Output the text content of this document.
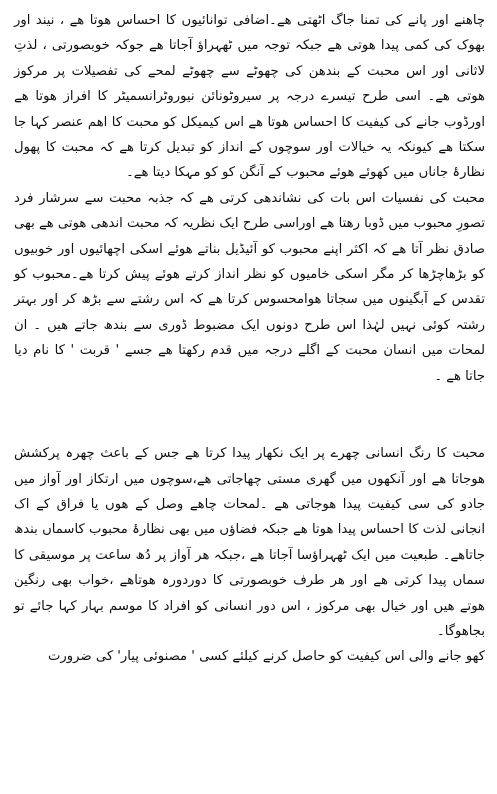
چاھنے اور پانے کی تمنا جاگ اٹھتی ھے۔اضافی توانائیوں کا احساس ھوتا ھے ، نیند اور بھوک کی کمی پیدا ھوتی ھے جبکہ توجہ میں ٹھہراؤ آجاتا ھے جوکہ خوبصورتی ، لذتِ لاثانی اور اس محبت کے بندھن کی چھوٹے سے چھوٹے لمحے کی تفصیلات پر مرکوز ھوتی ھے۔ اسی طرح تیسرے درجہ پر سیروٹونائن نیوروٹرانسمیٹر کا افراز ھوتا ھے اورڈوب جانے کی کیفیت کا احساس ھوتا ھے اس کیمیکل کو محبت کا اھم عنصر کہا جا سکتا ھے کیونکہ یہ خیالات اور سوچوں کے انداز کو تبدیل کرتا ھے کہ محبت کا پھول نظارۂ جاناں میں کھوئے ھوئے محبوب کے آنگن کو کو مہکا دیتا ھے۔

محبت کی نفسیات اس بات کی نشاندھی کرتی ھے کہ جذبہ محبت سے سرشار فرد تصورِ محبوب میں ڈوبا رھتا ھے اوراسی طرح ایک نظریہ کہ محبت اندھی ھوتی ھے بھی صادق نظر آتا ھے کہ اکثر اپنے محبوب کو آئیڈیل بناتے ھوئے اسکی اچھائیوں اور خوبیوں کو بڑھاچڑھا کر مگر اسکی خامیوں کو نظر انداز کرتے ھوئے پیش کرتا ھے۔محبوب کو تقدس کے آبگینوں میں سجاتا ھوامحسوس کرتا ھے کہ اس رشتے سے بڑھ کر اور بہتر رشتہ کوئی نہیں لہٰذا اس طرح دونوں ایک مضبوط ڈوری سے بندھ جاتے ھیں ۔ ان لمحات میں انسان محبت کے اگلے درجہ میں قدم رکھتا ھے جسے ' قربت ' کا نام دیا جاتا ھے ۔

محبت کا رنگ انسانی چھرے پر ایک نکھار پیدا کرتا ھے جس کے باعث چھرہ پرکشش ھوجاتا ھے اور آنکھوں میں گھری مستی چھاجاتی ھے،سوچوں میں ارتکاز اور آواز میں جادو کی سی کیفیت پیدا ھوجاتی ھے ۔لمحات چاھے وصل کے ھوں یا فراق کے اک انجانی لذت کا احساس پیدا ھوتا ھے جبکہ فضاؤں میں بھی نظارۂ محبوب کاسماں بندھ جاتاھے۔ طبعیت میں ایک ٹھہراؤسا آجاتا ھے ،جبکہ ھر آواز پر دُھ ساعت پر موسیقی کا سماں پیدا کرتی ھے اور ھر طرف خوبصورتی کا دوردورہ ھوتاھے ،خواب بھی رنگین ھوتے ھیں اور خیال بھی مرکوز ، اس دور انسانی کو افراد کا موسم بہار کہا جائے تو بجاھوگا۔

کھو جانے والی اس کیفیت کو حاصل کرنے کیلئے کسی ' مصنوئی پیار' کی ضرورت
